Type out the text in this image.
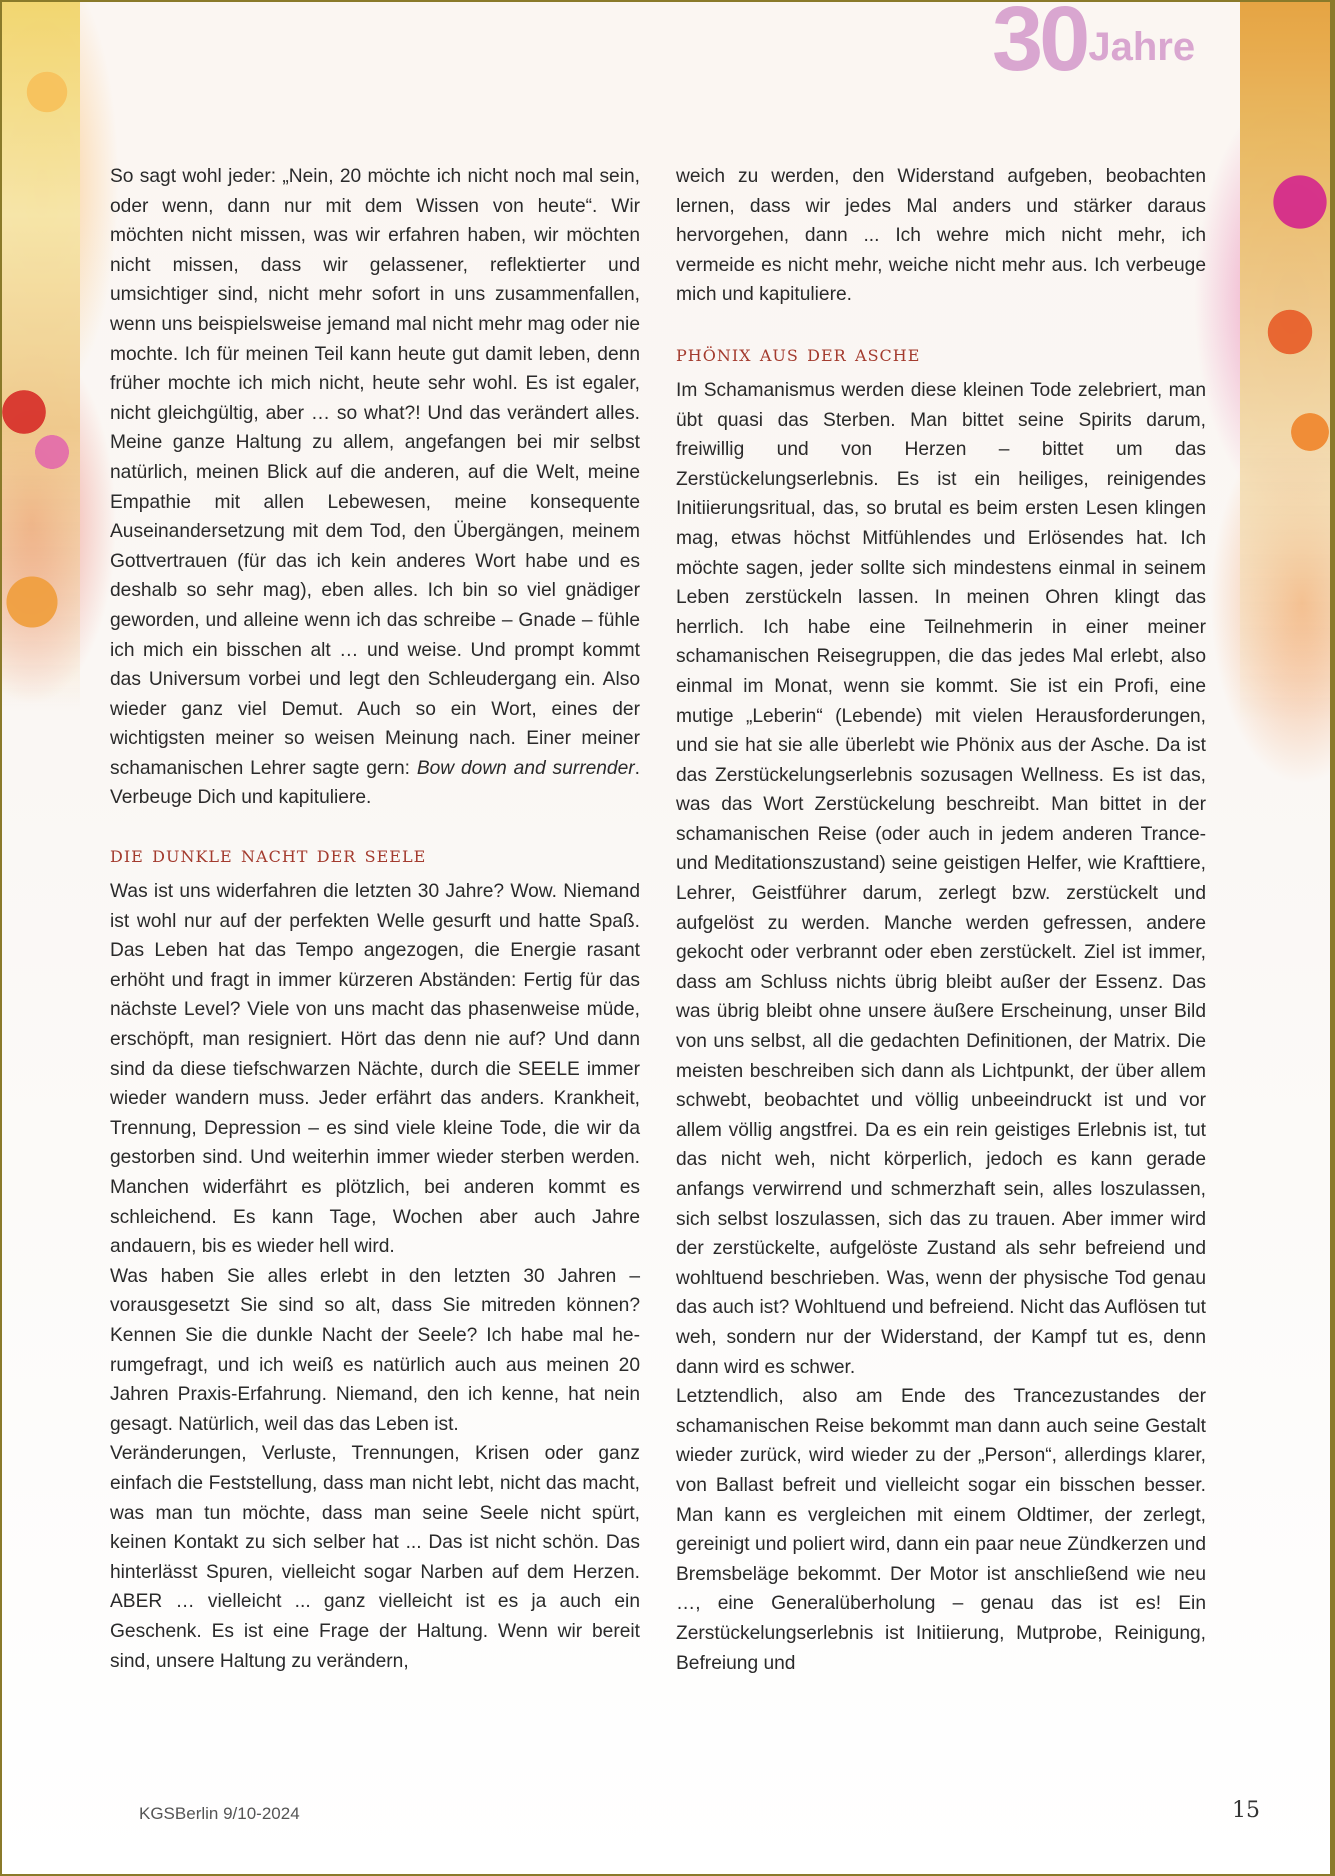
30 Jahre

So sagt wohl jeder: „Nein, 20 möchte ich nicht noch mal sein, oder wenn, dann nur mit dem Wissen von heute“. Wir möchten nicht missen, was wir erfahren haben, wir möchten nicht missen, dass wir gelassener, reflektierter und umsichtiger sind, nicht mehr sofort in uns zusammenfallen, wenn uns beispielsweise jemand mal nicht mehr mag oder nie mochte. Ich für meinen Teil kann heute gut damit leben, denn früher mochte ich mich nicht, heute sehr wohl. Es ist egaler, nicht gleichgültig, aber … so what?! Und das verändert alles. Meine ganze Haltung zu allem, angefangen bei mir selbst natürlich, meinen Blick auf die anderen, auf die Welt, meine Empathie mit allen Lebewesen, meine konsequente Auseinandersetzung mit dem Tod, den Übergängen, meinem Gottvertrauen (für das ich kein anderes Wort habe und es deshalb so sehr mag), eben alles. Ich bin so viel gnädiger geworden, und alleine wenn ich das schreibe – Gnade – fühle ich mich ein bisschen alt … und weise. Und prompt kommt das Universum vorbei und legt den Schleudergang ein. Also wieder ganz viel Demut. Auch so ein Wort, eines der wichtigsten meiner so weisen Meinung nach. Einer meiner schamanischen Lehrer sagte gern: Bow down and surrender. Verbeuge Dich und kapituliere.

die dunkle nacht der seele

Was ist uns widerfahren die letzten 30 Jahre? Wow. Niemand ist wohl nur auf der perfekten Welle gesurft und hatte Spaß. Das Leben hat das Tempo angezogen, die Energie rasant erhöht und fragt in immer kürzeren Abständen: Fertig für das nächste Level? Viele von uns macht das phasenweise müde, erschöpft, man resigniert. Hört das denn nie auf? Und dann sind da diese tiefschwarzen Nächte, durch die SEELE immer wieder wandern muss. Jeder erfährt das anders. Krankheit, Trennung, Depression – es sind viele kleine Tode, die wir da gestorben sind. Und weiterhin immer wieder sterben werden. Manchen widerfährt es plötzlich, bei anderen kommt es schleichend. Es kann Tage, Wochen aber auch Jahre andauern, bis es wieder hell wird.

Was haben Sie alles erlebt in den letzten 30 Jahren – vorausgesetzt Sie sind so alt, dass Sie mitreden können? Kennen Sie die dunkle Nacht der Seele? Ich habe mal herumgefragt, und ich weiß es natürlich auch aus meinen 20 Jahren Praxis-Erfahrung. Niemand, den ich kenne, hat nein gesagt. Natürlich, weil das das Leben ist.

Veränderungen, Verluste, Trennungen, Krisen oder ganz einfach die Feststellung, dass man nicht lebt, nicht das macht, was man tun möchte, dass man seine Seele nicht spürt, keinen Kontakt zu sich selber hat ... Das ist nicht schön. Das hinterlässt Spuren, vielleicht sogar Narben auf dem Herzen. ABER … vielleicht ... ganz vielleicht ist es ja auch ein Geschenk. Es ist eine Frage der Haltung. Wenn wir bereit sind, unsere Haltung zu verändern,

weich zu werden, den Widerstand aufgeben, beobachten lernen, dass wir jedes Mal anders und stärker daraus hervorgehen, dann ... Ich wehre mich nicht mehr, ich vermeide es nicht mehr, weiche nicht mehr aus. Ich verbeuge mich und kapituliere.

phönix aus der asche

Im Schamanismus werden diese kleinen Tode zelebriert, man übt quasi das Sterben. Man bittet seine Spirits darum, freiwillig und von Herzen – bittet um das Zerstückelungserlebnis. Es ist ein heiliges, reinigendes Initiierungsritual, das, so brutal es beim ersten Lesen klingen mag, etwas höchst Mitfühlendes und Erlösendes hat. Ich möchte sagen, jeder sollte sich mindestens einmal in seinem Leben zerstückeln lassen. In meinen Ohren klingt das herrlich. Ich habe eine Teilnehmerin in einer meiner schamanischen Reisegruppen, die das jedes Mal erlebt, also einmal im Monat, wenn sie kommt. Sie ist ein Profi, eine mutige „Leberin“ (Lebende) mit vielen Herausforderungen, und sie hat sie alle überlebt wie Phönix aus der Asche. Da ist das Zerstückelungserlebnis sozusagen Wellness. Es ist das, was das Wort Zerstückelung beschreibt. Man bittet in der schamanischen Reise (oder auch in jedem anderen Trance- und Meditationszustand) seine geistigen Helfer, wie Krafttiere, Lehrer, Geistführer darum, zerlegt bzw. zerstückelt und aufgelöst zu werden. Manche werden gefressen, andere gekocht oder verbrannt oder eben zerstückelt. Ziel ist immer, dass am Schluss nichts übrig bleibt außer der Essenz. Das was übrig bleibt ohne unsere äußere Erscheinung, unser Bild von uns selbst, all die gedachten Definitionen, der Matrix. Die meisten beschreiben sich dann als Lichtpunkt, der über allem schwebt, beobachtet und völlig unbeeindruckt ist und vor allem völlig angstfrei. Da es ein rein geistiges Erlebnis ist, tut das nicht weh, nicht körperlich, jedoch es kann gerade anfangs verwirrend und schmerzhaft sein, alles loszulassen, sich selbst loszulassen, sich das zu trauen. Aber immer wird der zerstückelte, aufgelöste Zustand als sehr befreiend und wohltuend beschrieben. Was, wenn der physische Tod genau das auch ist? Wohltuend und befreiend. Nicht das Auflösen tut weh, sondern nur der Widerstand, der Kampf tut es, denn dann wird es schwer.

Letztendlich, also am Ende des Trancezustandes der schamanischen Reise bekommt man dann auch seine Gestalt wieder zurück, wird wieder zu der „Person“, allerdings klarer, von Ballast befreit und vielleicht sogar ein bisschen besser. Man kann es vergleichen mit einem Oldtimer, der zerlegt, gereinigt und poliert wird, dann ein paar neue Zündkerzen und Bremsbeläge bekommt. Der Motor ist anschließend wie neu …, eine Generalüberholung – genau das ist es! Ein Zerstückelungserlebnis ist Initiierung, Mutprobe, Reinigung, Befreiung und

KGSBerlin 9/10-2024	15
